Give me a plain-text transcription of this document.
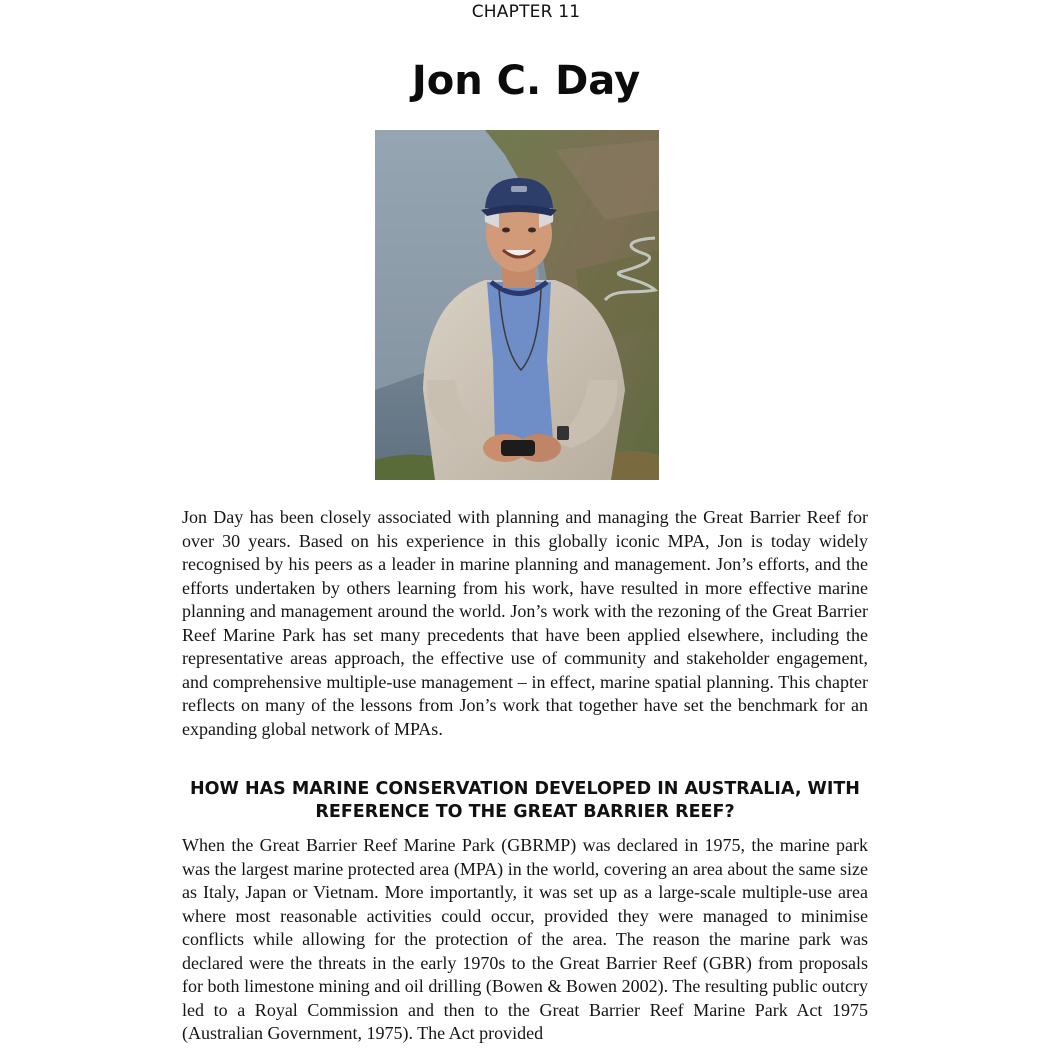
CHAPTER 11
Jon C. Day

Jon Day has been closely associated with planning and managing the Great Barrier Reef for over 30 years. Based on his experience in this globally iconic MPA, Jon is today widely recognised by his peers as a leader in marine planning and management. Jon’s efforts, and the efforts undertaken by others learning from his work, have resulted in more effective marine planning and management around the world. Jon’s work with the rezoning of the Great Barrier Reef Marine Park has set many precedents that have been applied elsewhere, including the representative areas approach, the effective use of community and stakeholder engagement, and comprehensive multiple-use management – in effect, marine spatial planning. This chapter reflects on many of the lessons from Jon’s work that together have set the benchmark for an expanding global network of MPAs.

HOW HAS MARINE CONSERVATION DEVELOPED IN AUSTRALIA, WITH REFERENCE TO THE GREAT BARRIER REEF?

When the Great Barrier Reef Marine Park (GBRMP) was declared in 1975, the marine park was the largest marine protected area (MPA) in the world, covering an area about the same size as Italy, Japan or Vietnam. More importantly, it was set up as a large-scale multiple-use area where most reasonable activities could occur, provided they were managed to minimise conflicts while allowing for the protection of the area. The reason the marine park was declared were the threats in the early 1970s to the Great Barrier Reef (GBR) from proposals for both limestone mining and oil drilling (Bowen & Bowen 2002). The resulting public outcry led to a Royal Commission and then to the Great Barrier Reef Marine Park Act 1975 (Australian Government, 1975). The Act provided
